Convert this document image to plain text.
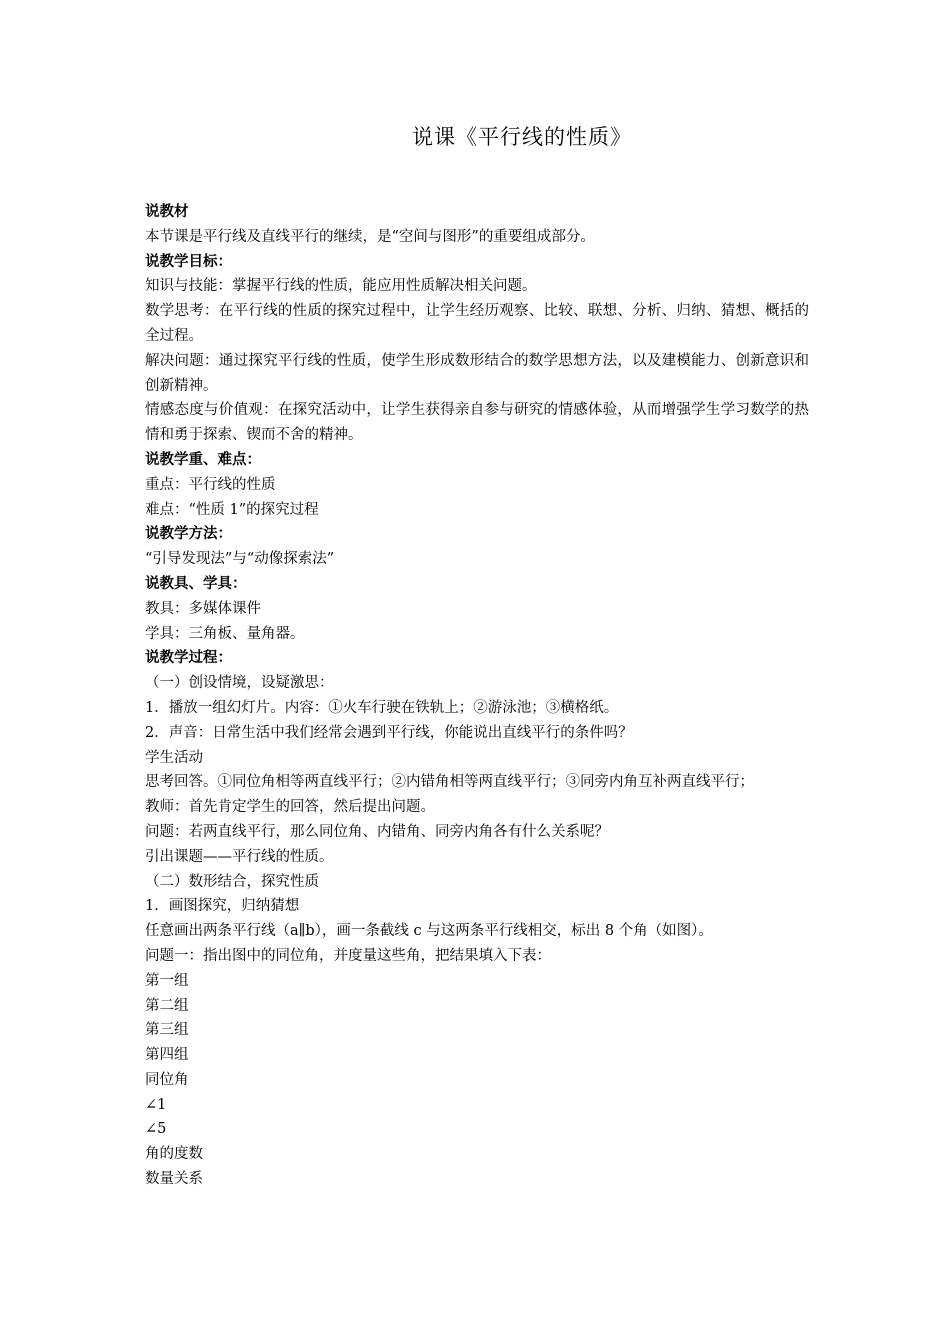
说课《平行线的性质》
说教材
本节课是平行线及直线平行的继续，是“空间与图形”的重要组成部分。
说教学目标：
知识与技能：掌握平行线的性质，能应用性质解决相关问题。
数学思考：在平行线的性质的探究过程中，让学生经历观察、比较、联想、分析、归纳、猜想、概括的全过程。
解决问题：通过探究平行线的性质，使学生形成数形结合的数学思想方法，以及建模能力、创新意识和创新精神。
情感态度与价值观：在探究活动中，让学生获得亲自参与研究的情感体验，从而增强学生学习数学的热情和勇于探索、锲而不舍的精神。
说教学重、难点：
重点：平行线的性质
难点：“性质 1”的探究过程
说教学方法：
“引导发现法”与“动像探索法”
说教具、学具：
教具：多媒体课件
学具：三角板、量角器。
说教学过程：
（一）创设情境，设疑激思：
1．播放一组幻灯片。内容：①火车行驶在铁轨上；②游泳池；③横格纸。
2．声音：日常生活中我们经常会遇到平行线，你能说出直线平行的条件吗？
学生活动
思考回答。①同位角相等两直线平行；②内错角相等两直线平行；③同旁内角互补两直线平行；
教师：首先肯定学生的回答，然后提出问题。
问题：若两直线平行，那么同位角、内错角、同旁内角各有什么关系呢？
引出课题——平行线的性质。
（二）数形结合，探究性质
1．画图探究，归纳猜想
任意画出两条平行线（a∥b），画一条截线 c 与这两条平行线相交，标出 8 个角（如图）。
问题一：指出图中的同位角，并度量这些角，把结果填入下表：
第一组
第二组
第三组
第四组
同位角
∠1
∠5
角的度数
数量关系
